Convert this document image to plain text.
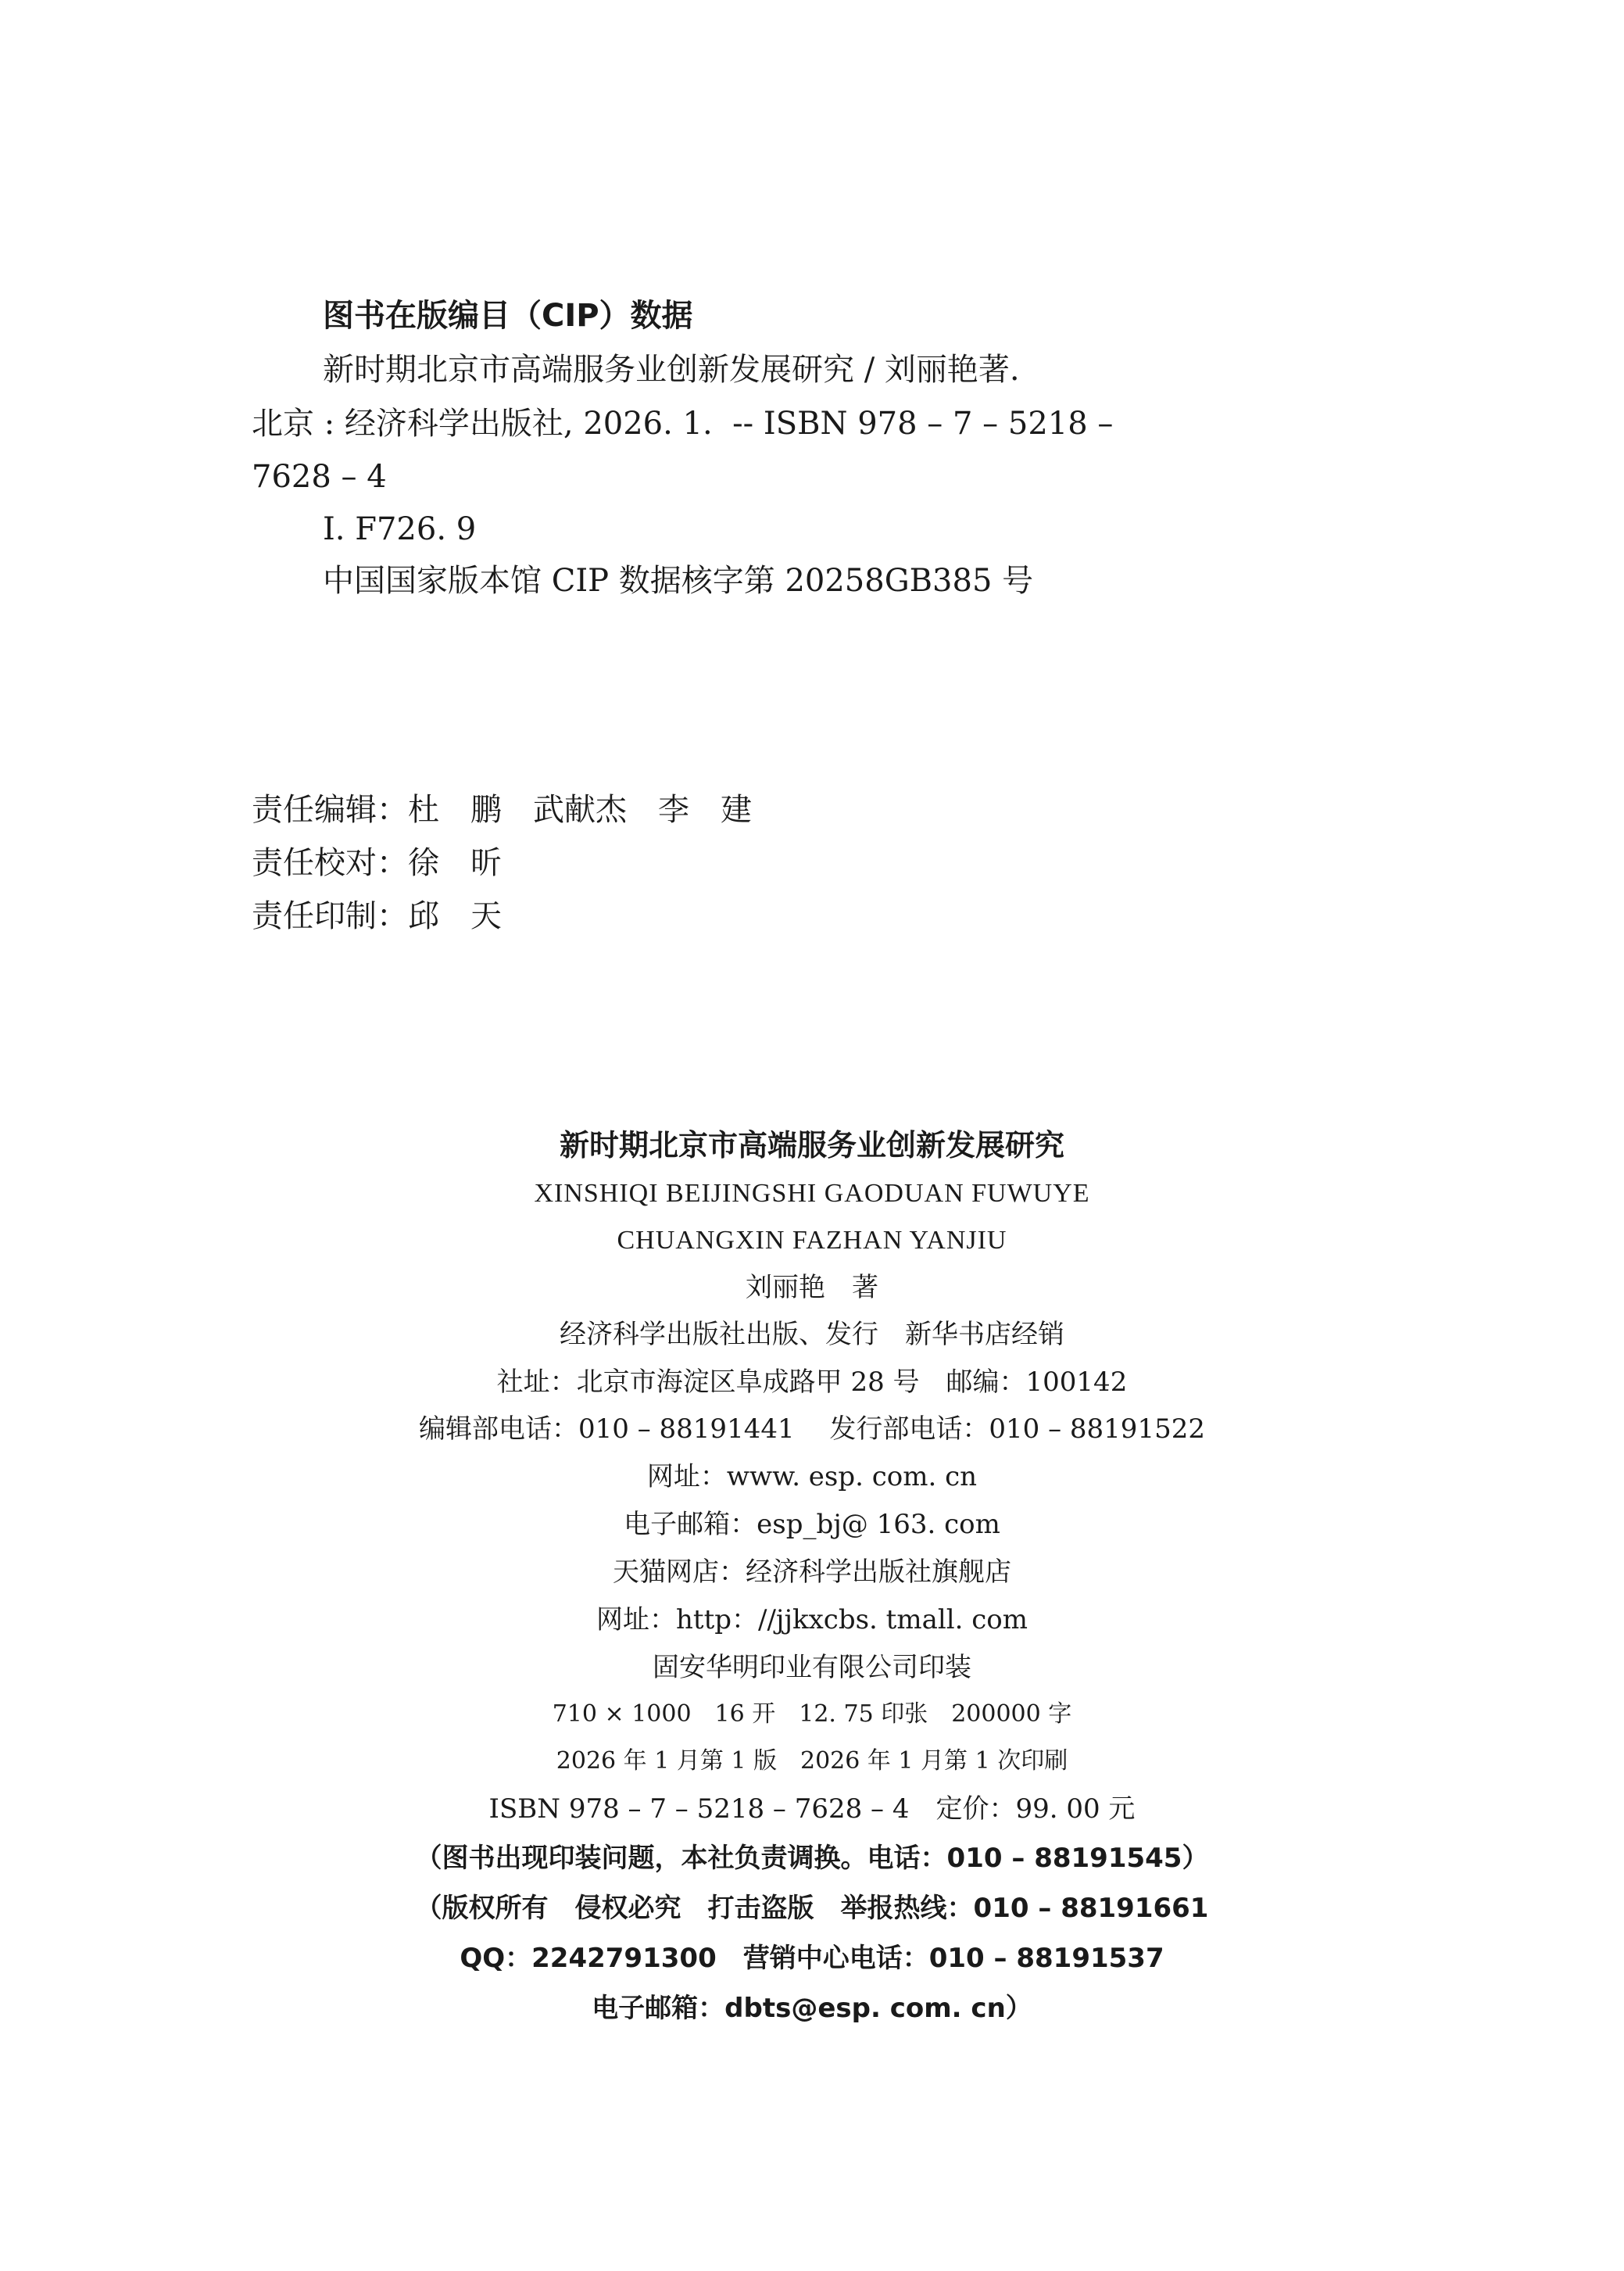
图书在版编目（CIP）数据
新时期北京市高端服务业创新发展研究 / 刘丽艳著.
北京 : 经济科学出版社, 2026. 1.  -- ISBN 978 – 7 – 5218 –
7628 – 4
Ⅰ. F726. 9
中国国家版本馆 CIP 数据核字第 20258GB385 号
责任编辑：杜　鹏　武献杰　李　建
责任校对：徐　昕
责任印制：邱　天
新时期北京市高端服务业创新发展研究
XINSHIQI BEIJINGSHI GAODUAN FUWUYE
CHUANGXIN FAZHAN YANJIU
刘丽艳　著
经济科学出版社出版、发行　新华书店经销
社址：北京市海淀区阜成路甲 28 号　邮编：100142
编辑部电话：010 – 88191441　 发行部电话：010 – 88191522
网址：www. esp. com. cn
电子邮箱：esp_bj@ 163. com
天猫网店：经济科学出版社旗舰店
网址：http：//jjkxcbs. tmall. com
固安华明印业有限公司印装
710 × 1000　16 开　12. 75 印张　200000 字
2026 年 1 月第 1 版　2026 年 1 月第 1 次印刷
ISBN 978 – 7 – 5218 – 7628 – 4　定价：99. 00 元
（图书出现印装问题，本社负责调换。电话：010 – 88191545）
（版权所有　侵权必究　打击盗版　举报热线：010 – 88191661
QQ：2242791300　营销中心电话：010 – 88191537
电子邮箱：dbts@esp. com. cn）
